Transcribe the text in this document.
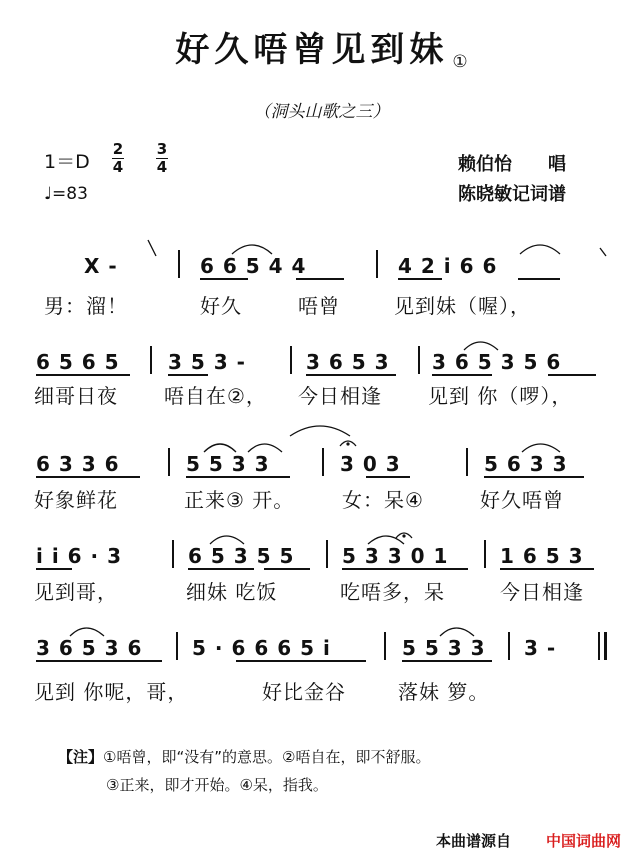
好久唔曾见到妹 ①
（洞头山歌之三）
1＝D
2
4
3
4
♩=83
赖伯怡　　唱
陈晓敏记词谱
X -	6 6 5 4 4	4 2 i 6 6
男：溜！	好久	唔曾	见到妹（喔），
6 5 6 5 3 5 3 -	3 6 5 3 3 6 5 3 5 6
细哥日夜 唔自在②， 今日相逢 见到 你（啰），
6 3 3 6	5 5 3 3	3 0 3	5 6 3 3
好象鲜花	正来③ 开。 女：呆④	好久唔曾
i i 6 · 3	6 5 3 5 5 5 3 3 0 1	1 6 5 3
见到哥，	细妹 吃饭	吃唔多，呆	今日相逢
3 6 5 3 6 5 · 6 6 6 5 i	5 5 3 3 3 -
见到 你呢，哥，	好比金谷	落妹 箩。
【注】①唔曾，即“没有”的意思。②唔自在，即不舒服。
③正来，即才开始。④呆，指我。
本曲谱源自 中国词曲网
